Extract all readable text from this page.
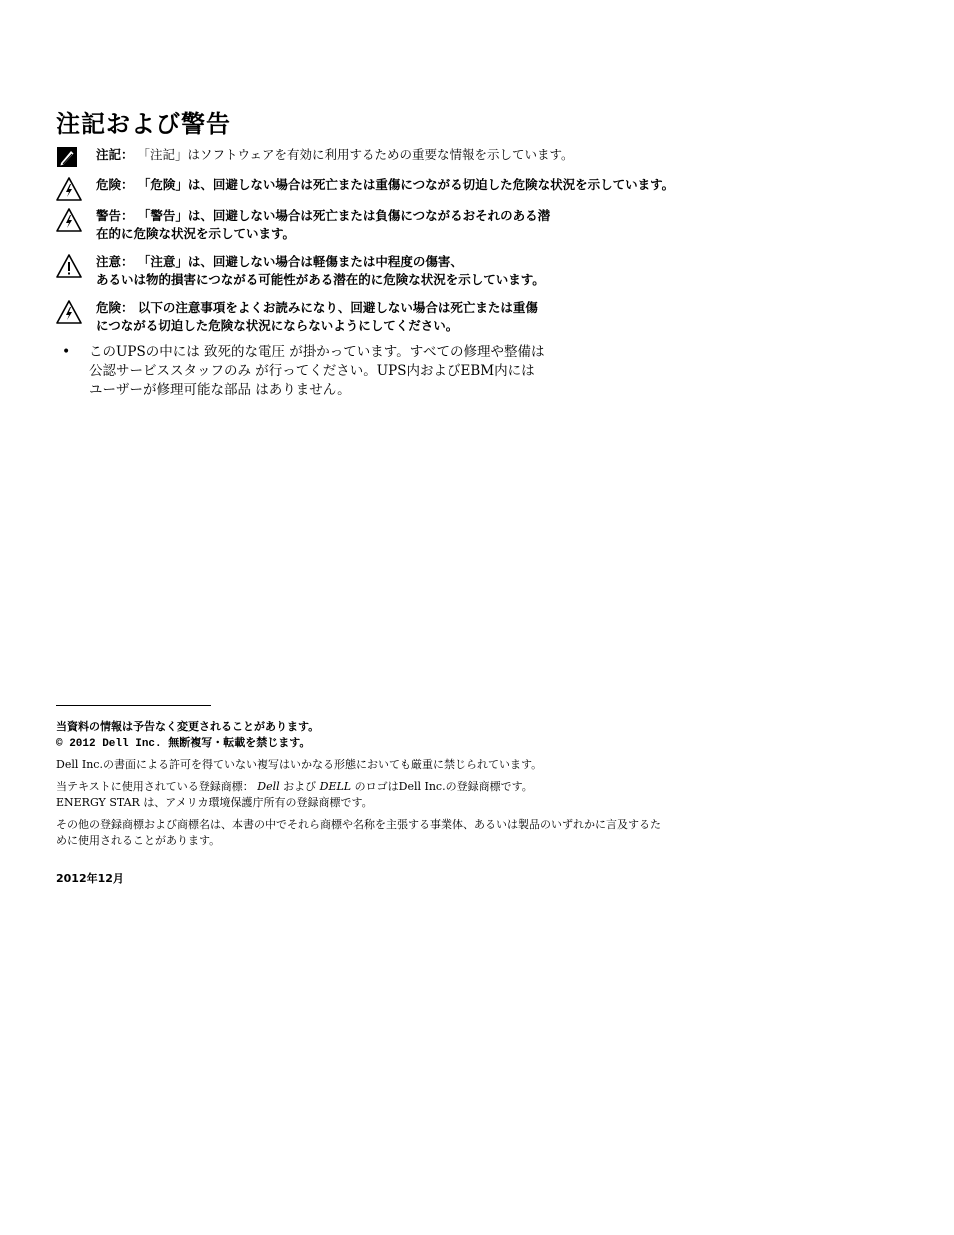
注記および警告
注記： 「注記」はソフトウェアを有効に利用するための重要な情報を示しています。
危険： 「危険」は、回避しない場合は死亡または重傷につながる切迫した危険な状況を示しています。
警告： 「警告」は、回避しない場合は死亡または負傷につながるおそれのある潜
在的に危険な状況を示しています。
注意： 「注意」は、回避しない場合は軽傷または中程度の傷害、
あるいは物的損害につながる可能性がある潜在的に危険な状況を示しています。
危険： 以下の注意事項をよくお読みになり、回避しない場合は死亡または重傷
につながる切迫した危険な状況にならないようにしてください。
• このUPSの中には 致死的な電圧 が掛かっています。すべての修理や整備は
公認サービススタッフのみ が行ってください。UPS内およびEBM内には
ユーザーが修理可能な部品 はありません。
当資料の情報は予告なく変更されることがあります。
© 2012 Dell Inc. 無断複写・転載を禁じます。
Dell Inc.の書面による許可を得ていない複写はいかなる形態においても厳重に禁じられています。
当テキストに使用されている登録商標： Dell および DELL のロゴはDell Inc.の登録商標です。
ENERGY STAR は、アメリカ環境保護庁所有の登録商標です。
その他の登録商標および商標名は、本書の中でそれら商標や名称を主張する事業体、あるいは製品のいずれかに言及するた
めに使用されることがあります。
2012年12月
